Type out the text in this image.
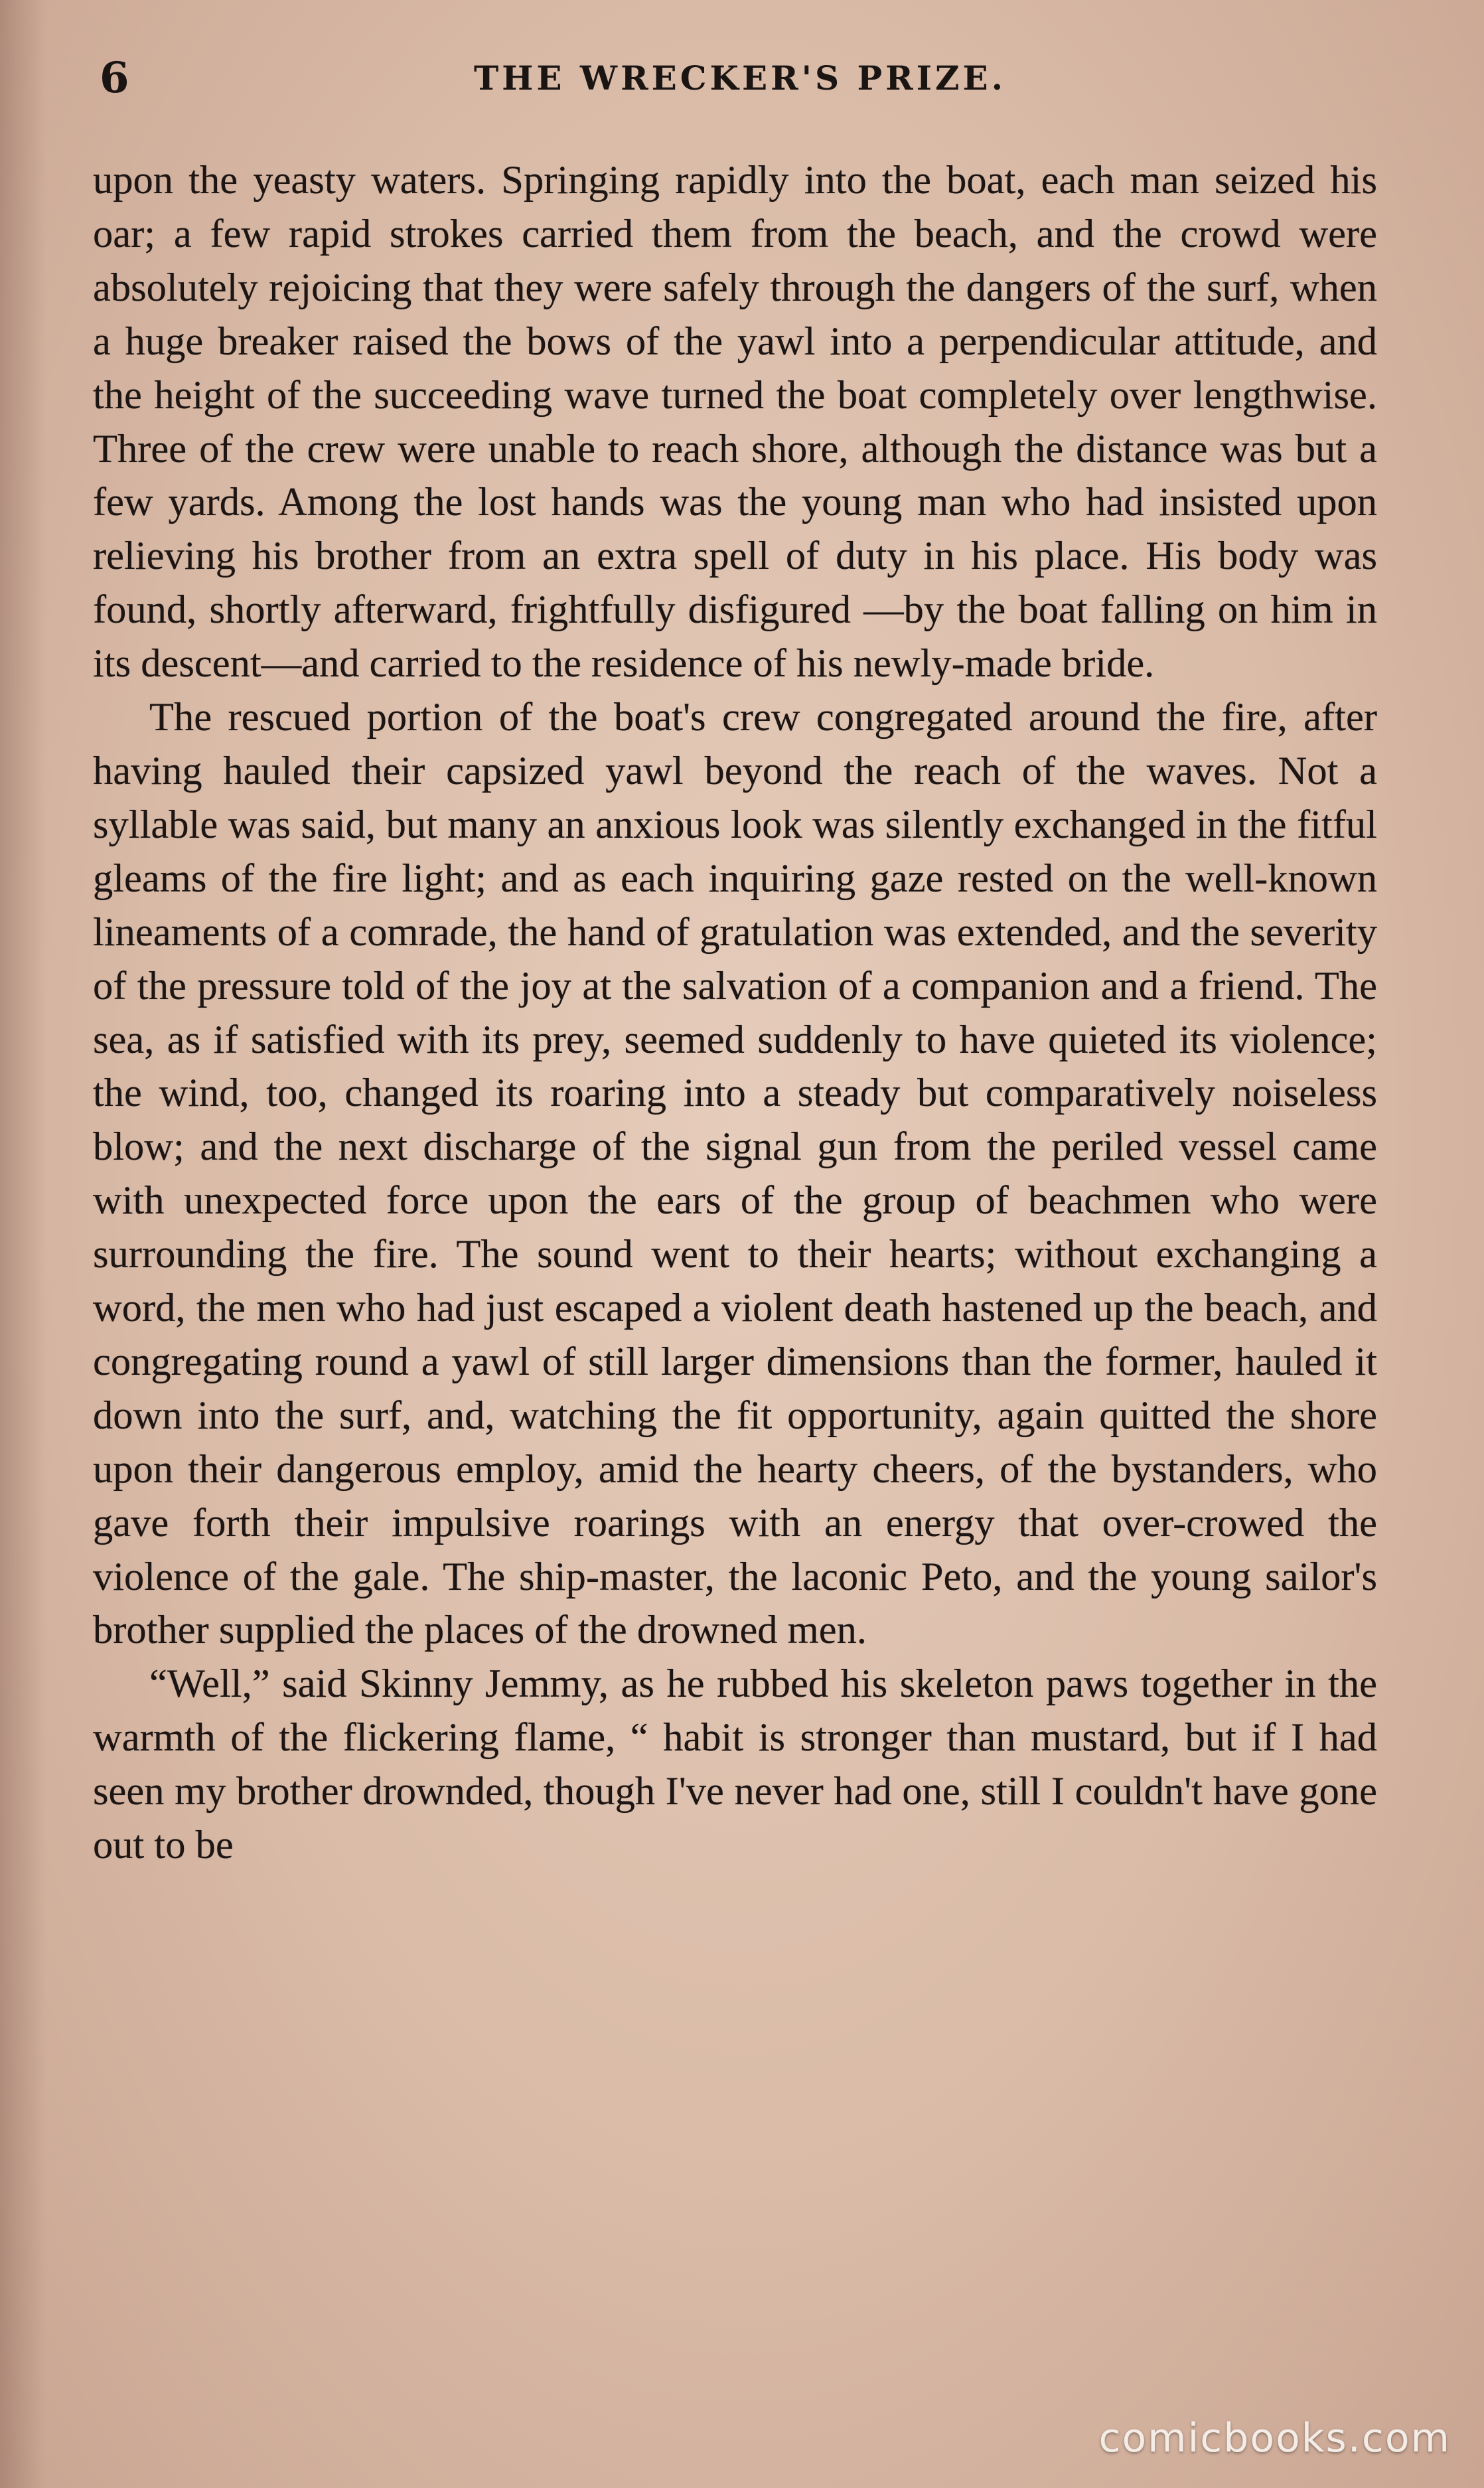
6	THE WRECKER'S PRIZE.

upon the yeasty waters. Springing rapidly into the boat, each man seized his oar; a few rapid strokes carried them from the beach, and the crowd were absolutely rejoicing that they were safely through the dangers of the surf, when a huge breaker raised the bows of the yawl into a perpendicular attitude, and the height of the succeeding wave turned the boat completely over lengthwise. Three of the crew were unable to reach shore, although the distance was but a few yards. Among the lost hands was the young man who had insisted upon relieving his brother from an extra spell of duty in his place. His body was found, shortly afterward, frightfully disfigured —by the boat falling on him in its descent—and carried to the residence of his newly-made bride.

The rescued portion of the boat's crew congregated around the fire, after having hauled their capsized yawl beyond the reach of the waves. Not a syllable was said, but many an anxious look was silently exchanged in the fitful gleams of the fire light; and as each inquiring gaze rested on the well-known lineaments of a comrade, the hand of gratulation was extended, and the severity of the pressure told of the joy at the salvation of a companion and a friend. The sea, as if satisfied with its prey, seemed suddenly to have quieted its violence; the wind, too, changed its roaring into a steady but comparatively noiseless blow; and the next discharge of the signal gun from the periled vessel came with unexpected force upon the ears of the group of beachmen who were surrounding the fire. The sound went to their hearts; without exchanging a word, the men who had just escaped a violent death hastened up the beach, and congregating round a yawl of still larger dimensions than the former, hauled it down into the surf, and, watching the fit opportunity, again quitted the shore upon their dangerous employ, amid the hearty cheers, of the bystanders, who gave forth their impulsive roarings with an energy that over-crowed the violence of the gale. The ship-master, the laconic Peto, and the young sailor's brother supplied the places of the drowned men.

“Well,” said Skinny Jemmy, as he rubbed his skeleton paws together in the warmth of the flickering flame, “ habit is stronger than mustard, but if I had seen my brother drownded, though I've never had one, still I couldn't have gone out to be

comicbooks.com
